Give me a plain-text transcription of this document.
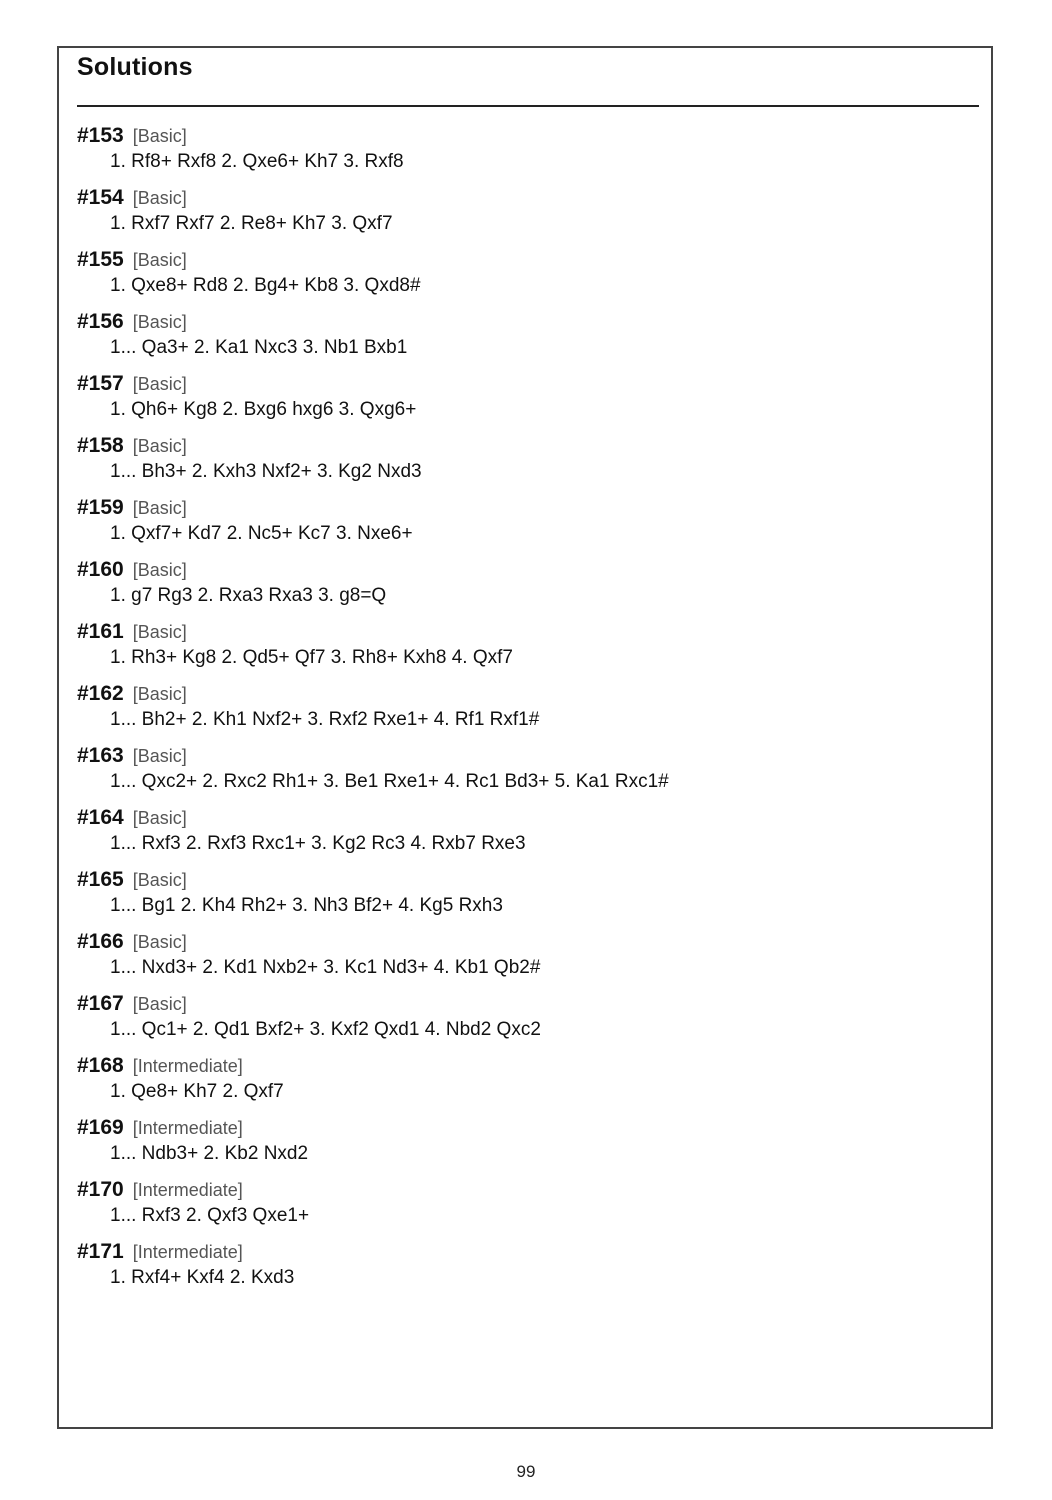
Solutions
#153 [Basic]
1. Rf8+ Rxf8 2. Qxe6+ Kh7 3. Rxf8
#154 [Basic]
1. Rxf7 Rxf7 2. Re8+ Kh7 3. Qxf7
#155 [Basic]
1. Qxe8+ Rd8 2. Bg4+ Kb8 3. Qxd8#
#156 [Basic]
1... Qa3+ 2. Ka1 Nxc3 3. Nb1 Bxb1
#157 [Basic]
1. Qh6+ Kg8 2. Bxg6 hxg6 3. Qxg6+
#158 [Basic]
1... Bh3+ 2. Kxh3 Nxf2+ 3. Kg2 Nxd3
#159 [Basic]
1. Qxf7+ Kd7 2. Nc5+ Kc7 3. Nxe6+
#160 [Basic]
1. g7 Rg3 2. Rxa3 Rxa3 3. g8=Q
#161 [Basic]
1. Rh3+ Kg8 2. Qd5+ Qf7 3. Rh8+ Kxh8 4. Qxf7
#162 [Basic]
1... Bh2+ 2. Kh1 Nxf2+ 3. Rxf2 Rxe1+ 4. Rf1 Rxf1#
#163 [Basic]
1... Qxc2+ 2. Rxc2 Rh1+ 3. Be1 Rxe1+ 4. Rc1 Bd3+ 5. Ka1 Rxc1#
#164 [Basic]
1... Rxf3 2. Rxf3 Rxc1+ 3. Kg2 Rc3 4. Rxb7 Rxe3
#165 [Basic]
1... Bg1 2. Kh4 Rh2+ 3. Nh3 Bf2+ 4. Kg5 Rxh3
#166 [Basic]
1... Nxd3+ 2. Kd1 Nxb2+ 3. Kc1 Nd3+ 4. Kb1 Qb2#
#167 [Basic]
1... Qc1+ 2. Qd1 Bxf2+ 3. Kxf2 Qxd1 4. Nbd2 Qxc2
#168 [Intermediate]
1. Qe8+ Kh7 2. Qxf7
#169 [Intermediate]
1... Ndb3+ 2. Kb2 Nxd2
#170 [Intermediate]
1... Rxf3 2. Qxf3 Qxe1+
#171 [Intermediate]
1. Rxf4+ Kxf4 2. Kxd3
99
